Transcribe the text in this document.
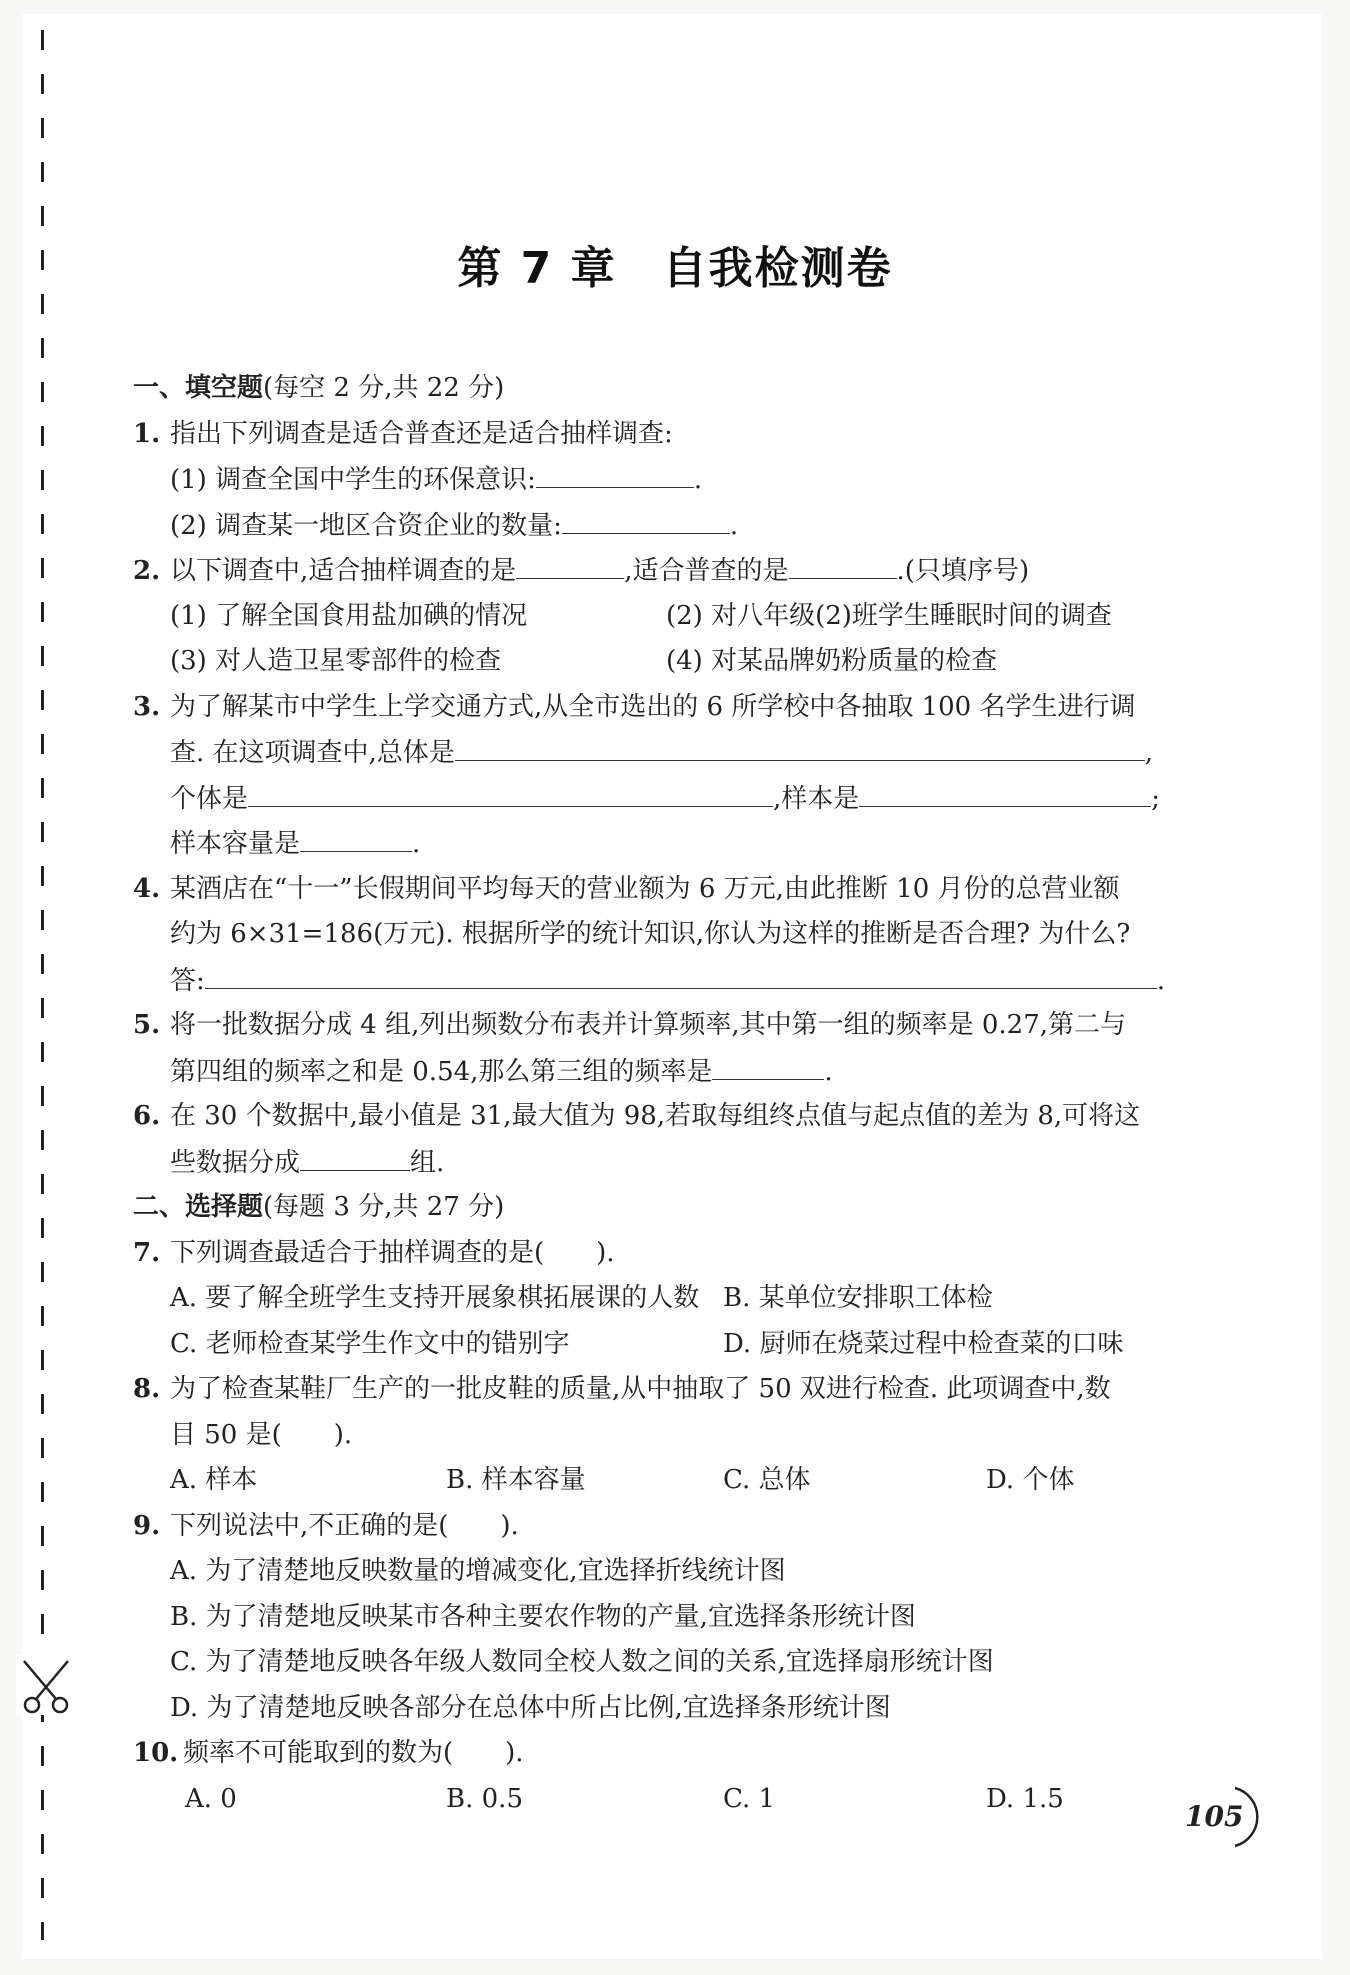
第 7 章　自我检测卷
一、填空题(每空 2 分,共 22 分)
1. 指出下列调查是适合普查还是适合抽样调查:
(1) 调查全国中学生的环保意识:	.
(2) 调查某一地区合资企业的数量:	.
2. 以下调查中,适合抽样调查的是	,适合普查的是	.(只填序号)
(1) 了解全国食用盐加碘的情况	(2) 对八年级(2)班学生睡眠时间的调查
(3) 对人造卫星零部件的检查	(4) 对某品牌奶粉质量的检查
3. 为了解某市中学生上学交通方式,从全市选出的 6 所学校中各抽取 100 名学生进行调
查. 在这项调查中,总体是	,
个体是	,样本是	;
样本容量是	.
4. 某酒店在“十一”长假期间平均每天的营业额为 6 万元,由此推断 10 月份的总营业额
约为 6×31=186(万元). 根据所学的统计知识,你认为这样的推断是否合理? 为什么?
答:	.
5. 将一批数据分成 4 组,列出频数分布表并计算频率,其中第一组的频率是 0.27,第二与
第四组的频率之和是 0.54,那么第三组的频率是	.
6. 在 30 个数据中,最小值是 31,最大值为 98,若取每组终点值与起点值的差为 8,可将这
些数据分成	组.
二、选择题(每题 3 分,共 27 分)
7. 下列调查最适合于抽样调查的是(　　).
A. 要了解全班学生支持开展象棋拓展课的人数 B. 某单位安排职工体检
C. 老师检查某学生作文中的错别字	D. 厨师在烧菜过程中检查菜的口味
8. 为了检查某鞋厂生产的一批皮鞋的质量,从中抽取了 50 双进行检查. 此项调查中,数
目 50 是(　　).
A. 样本	B. 样本容量	C. 总体	D. 个体
9. 下列说法中,不正确的是(　　).
A. 为了清楚地反映数量的增减变化,宜选择折线统计图
B. 为了清楚地反映某市各种主要农作物的产量,宜选择条形统计图
C. 为了清楚地反映各年级人数同全校人数之间的关系,宜选择扇形统计图
D. 为了清楚地反映各部分在总体中所占比例,宜选择条形统计图
10. 频率不可能取到的数为(　　).
A. 0	B. 0.5	C. 1	D. 1.5
105
